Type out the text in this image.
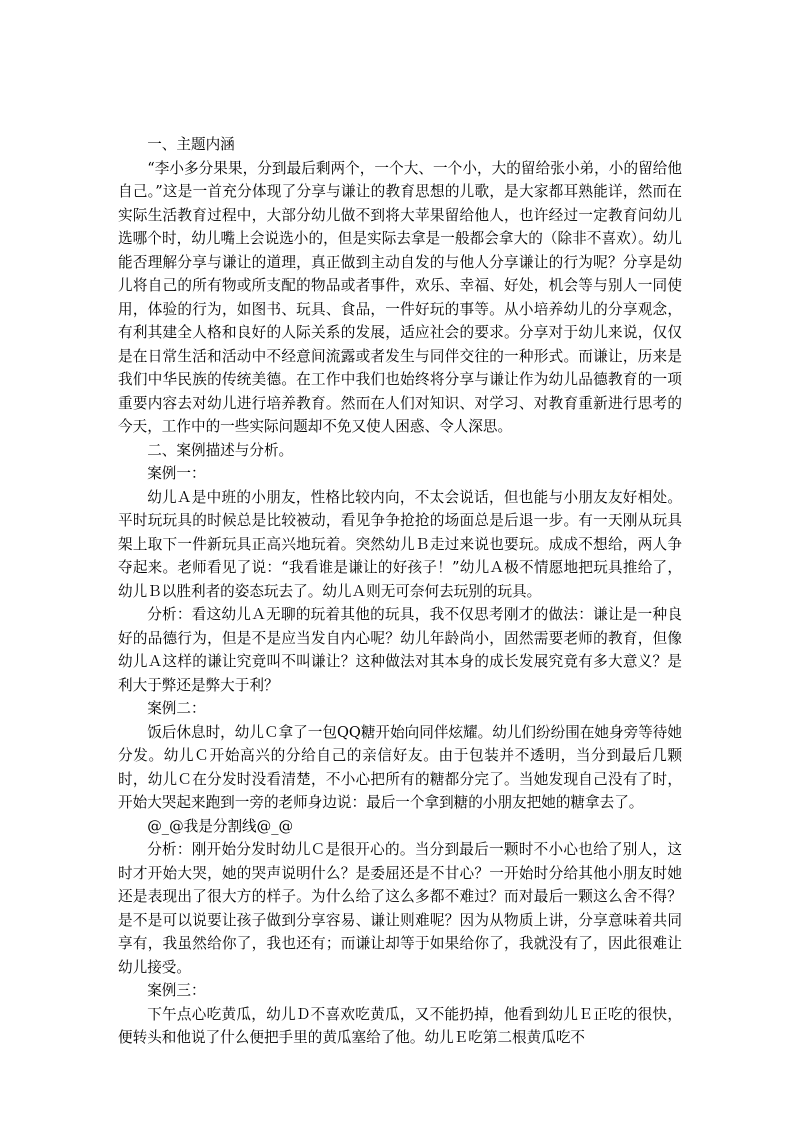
一、主题内涵

“李小多分果果，分到最后剩两个，一个大、一个小，大的留给张小弟，小的留给他自己。”这是一首充分体现了分享与谦让的教育思想的儿歌，是大家都耳熟能详，然而在实际生活教育过程中，大部分幼儿做不到将大苹果留给他人，也许经过一定教育问幼儿选哪个时，幼儿嘴上会说选小的，但是实际去拿是一般都会拿大的（除非不喜欢）。幼儿能否理解分享与谦让的道理，真正做到主动自发的与他人分享谦让的行为呢？分享是幼儿将自己的所有物或所支配的物品或者事件，欢乐、幸福、好处，机会等与别人一同使用，体验的行为，如图书、玩具、食品，一件好玩的事等。从小培养幼儿的分享观念，有利其建全人格和良好的人际关系的发展，适应社会的要求。分享对于幼儿来说，仅仅是在日常生活和活动中不经意间流露或者发生与同伴交往的一种形式。而谦让，历来是我们中华民族的传统美德。在工作中我们也始终将分享与谦让作为幼儿品德教育的一项重要内容去对幼儿进行培养教育。然而在人们对知识、对学习、对教育重新进行思考的今天，工作中的一些实际问题却不免又使人困惑、令人深思。

二、案例描述与分析。

案例一：

幼儿Ａ是中班的小朋友，性格比较内向，不太会说话，但也能与小朋友友好相处。平时玩玩具的时候总是比较被动，看见争争抢抢的场面总是后退一步。有一天刚从玩具架上取下一件新玩具正高兴地玩着。突然幼儿Ｂ走过来说也要玩。成成不想给，两人争夺起来。老师看见了说：“我看谁是谦让的好孩子！”幼儿Ａ极不情愿地把玩具推给了，幼儿Ｂ以胜利者的姿态玩去了。幼儿Ａ则无可奈何去玩别的玩具。

分析：看这幼儿Ａ无聊的玩着其他的玩具，我不仅思考刚才的做法：谦让是一种良好的品德行为，但是不是应当发自内心呢？幼儿年龄尚小，固然需要老师的教育，但像幼儿Ａ这样的谦让究竟叫不叫谦让？这种做法对其本身的成长发展究竟有多大意义？是利大于弊还是弊大于利？

案例二：

饭后休息时，幼儿Ｃ拿了一包QQ糖开始向同伴炫耀。幼儿们纷纷围在她身旁等待她分发。幼儿Ｃ开始高兴的分给自己的亲信好友。由于包装并不透明，当分到最后几颗时，幼儿Ｃ在分发时没看清楚，不小心把所有的糖都分完了。当她发现自己没有了时，开始大哭起来跑到一旁的老师身边说：最后一个拿到糖的小朋友把她的糖拿去了。

@_@我是分割线@_@

分析：刚开始分发时幼儿Ｃ是很开心的。当分到最后一颗时不小心也给了别人，这时才开始大哭，她的哭声说明什么？是委屈还是不甘心？一开始时分给其他小朋友时她还是表现出了很大方的样子。为什么给了这么多都不难过？而对最后一颗这么舍不得？是不是可以说要让孩子做到分享容易、谦让则难呢？因为从物质上讲，分享意味着共同享有，我虽然给你了，我也还有；而谦让却等于如果给你了，我就没有了，因此很难让幼儿接受。

案例三：

下午点心吃黄瓜，幼儿Ｄ不喜欢吃黄瓜，又不能扔掉，他看到幼儿Ｅ正吃的很快，便转头和他说了什么便把手里的黄瓜塞给了他。幼儿Ｅ吃第二根黄瓜吃不
